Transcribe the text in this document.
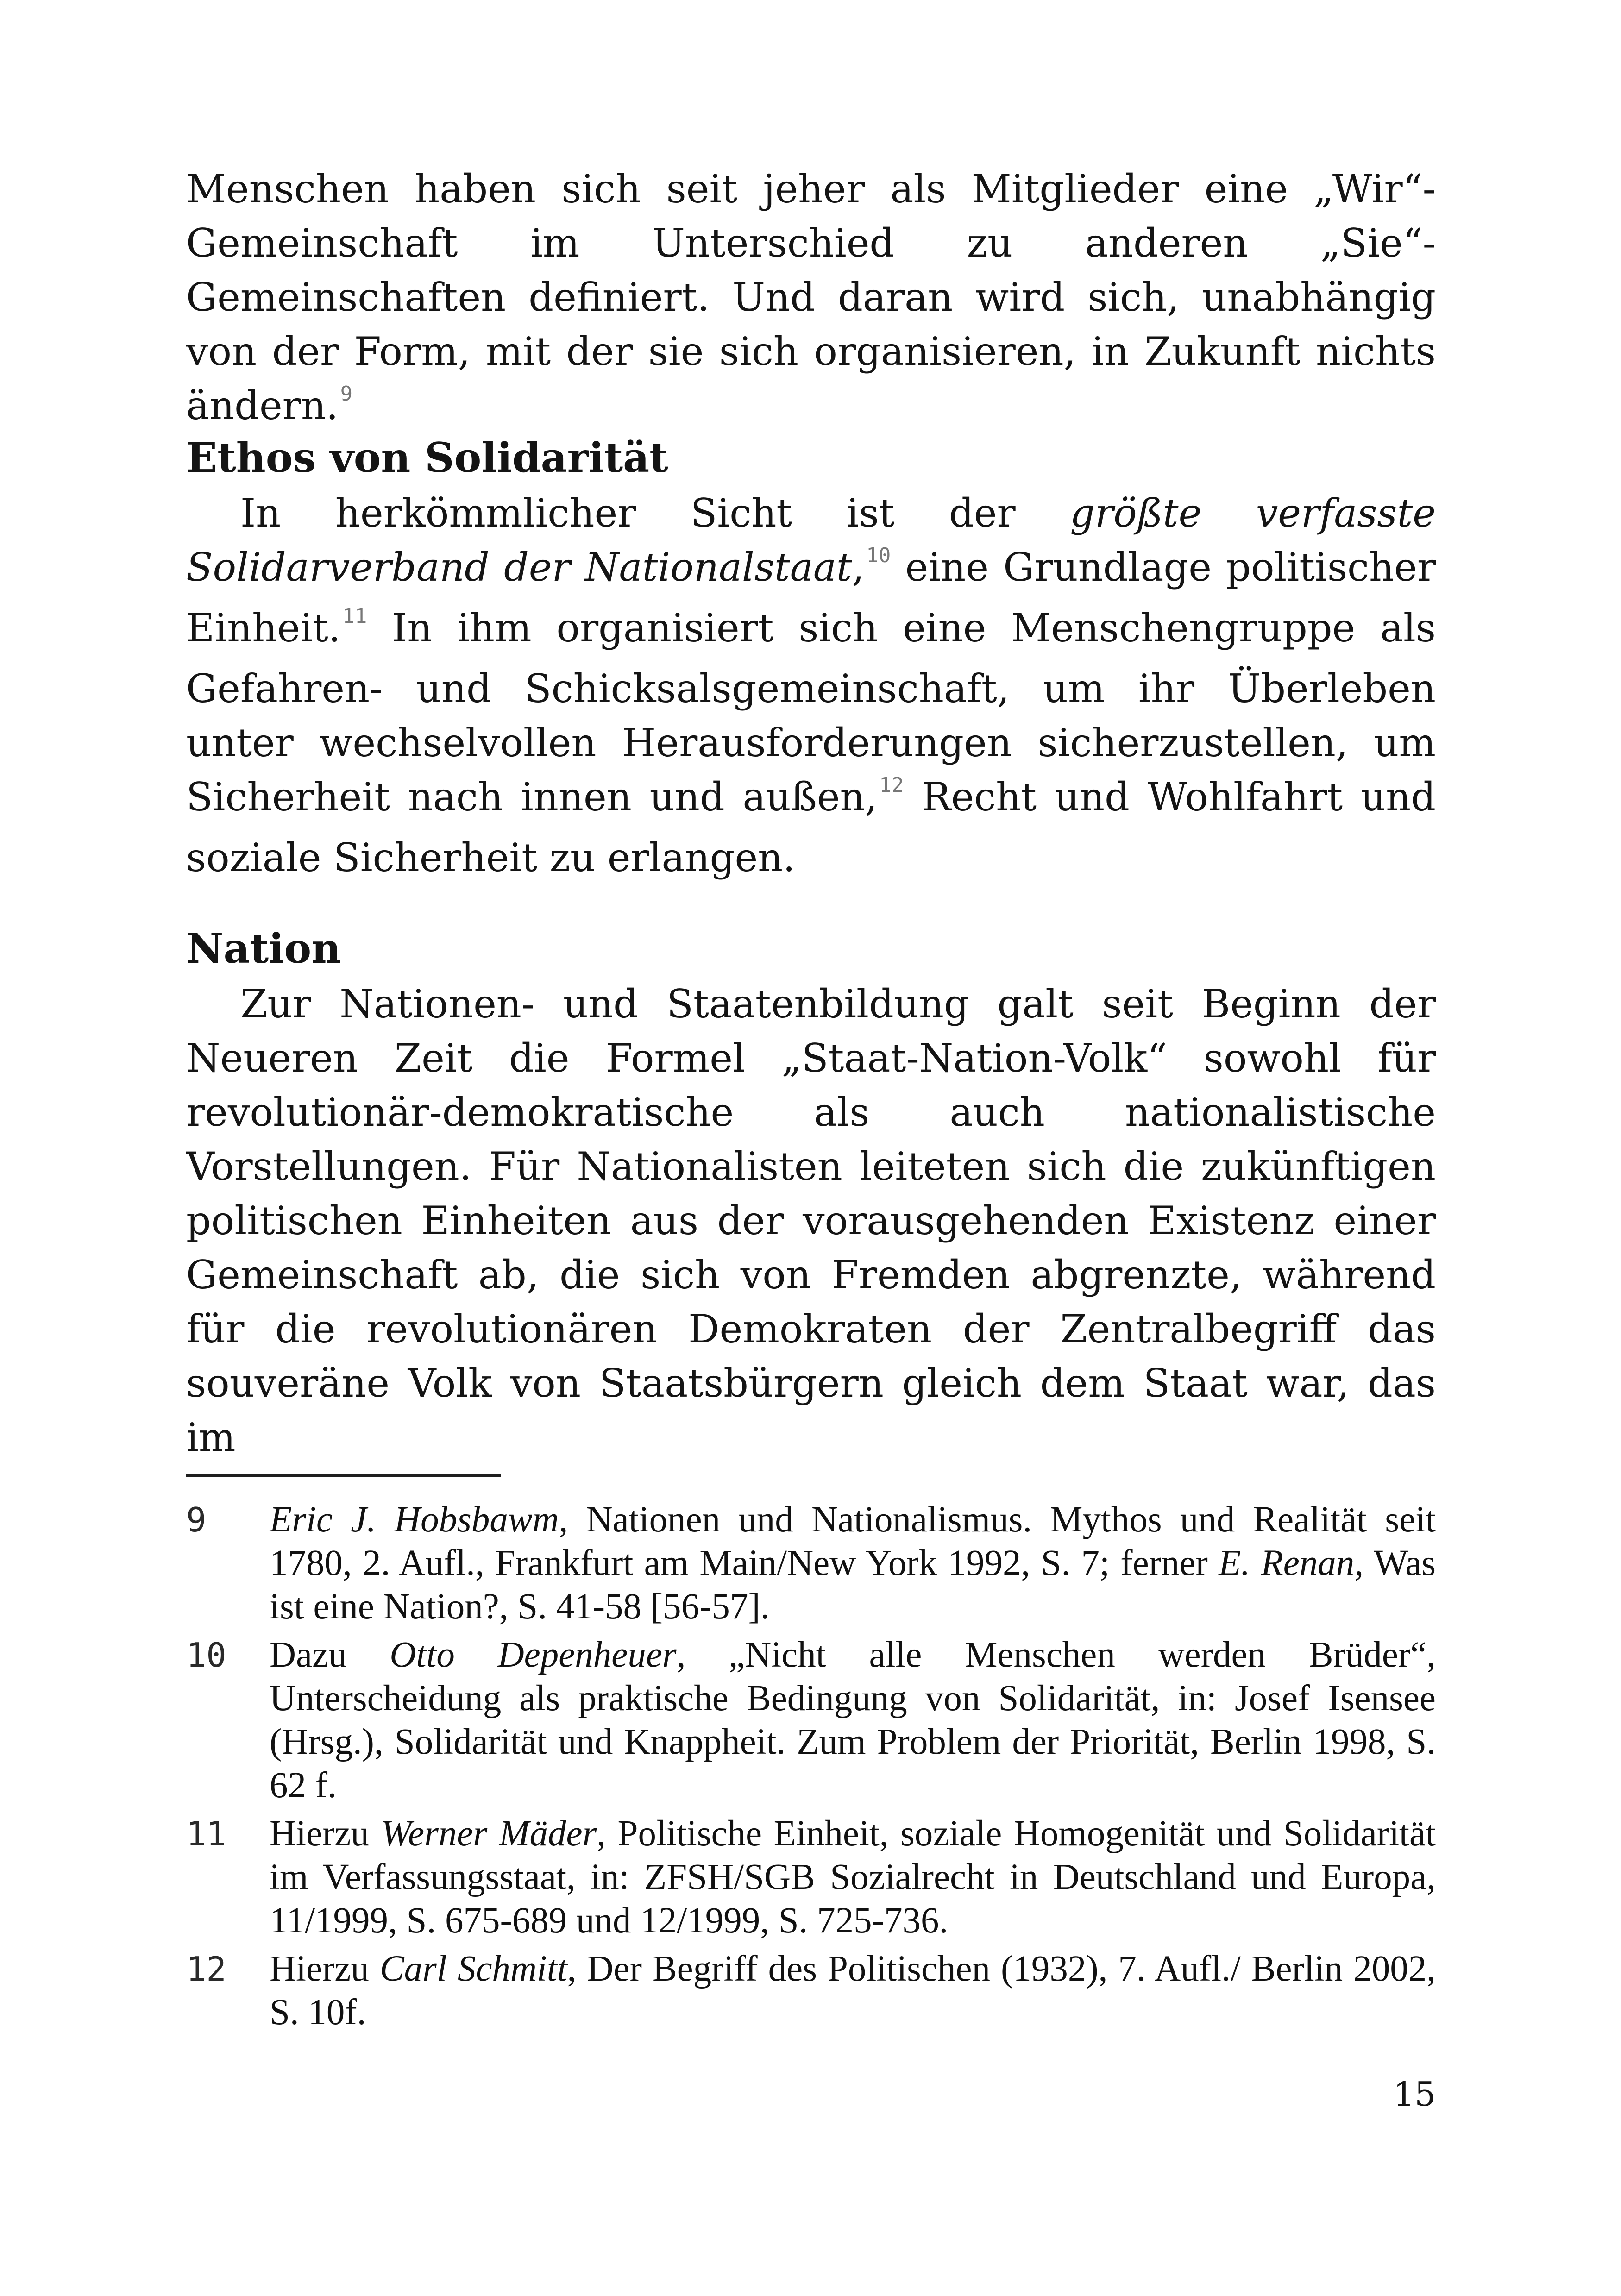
Menschen haben sich seit jeher als Mitglieder eine „Wir“-Gemeinschaft im Unterschied zu anderen „Sie“-Gemeinschaften definiert. Und daran wird sich, unabhängig von der Form, mit der sie sich organisieren, in Zukunft nichts ändern.$^9$

Ethos von Solidarität

In herkömmlicher Sicht ist der größte verfasste Solidarverband der Nationalstaat,$^{10}$ eine Grundlage politischer Einheit.$^{11}$ In ihm organisiert sich eine Menschengruppe als Gefahren- und Schicksalsgemeinschaft, um ihr Überleben unter wechselvollen Herausforderungen sicherzustellen, um Sicherheit nach innen und außen,$^{12}$ Recht und Wohlfahrt und soziale Sicherheit zu erlangen.

Nation

Zur Nationen- und Staatenbildung galt seit Beginn der Neueren Zeit die Formel „Staat-Nation-Volk“ sowohl für revolutionär-demokratische als auch nationalistische Vorstellungen. Für Nationalisten leiteten sich die zukünftigen politischen Einheiten aus der vorausgehenden Existenz einer Gemeinschaft ab, die sich von Fremden abgrenzte, während für die revolutionären Demokraten der Zentralbegriff das souveräne Volk von Staatsbürgern gleich dem Staat war, das im

9	Eric J. Hobsbawm, Nationen und Nationalismus. Mythos und Realität seit 1780, 2. Aufl., Frankfurt am Main/New York 1992, S. 7; ferner E. Renan, Was ist eine Nation?, S. 41-58 [56-57].
10	Dazu Otto Depenheuer, „Nicht alle Menschen werden Brüder“, Unterscheidung als praktische Bedingung von Solidarität, in: Josef Isensee (Hrsg.), Solidarität und Knappheit. Zum Problem der Priorität, Berlin 1998, S. 62 f.
11	Hierzu Werner Mäder, Politische Einheit, soziale Homogenität und Solidarität im Verfassungsstaat, in: ZFSH/SGB Sozialrecht in Deutschland und Europa, 11/1999, S. 675-689 und 12/1999, S. 725-736.
12	Hierzu Carl Schmitt, Der Begriff des Politischen (1932), 7. Aufl./ Berlin 2002, S. 10f.
15
